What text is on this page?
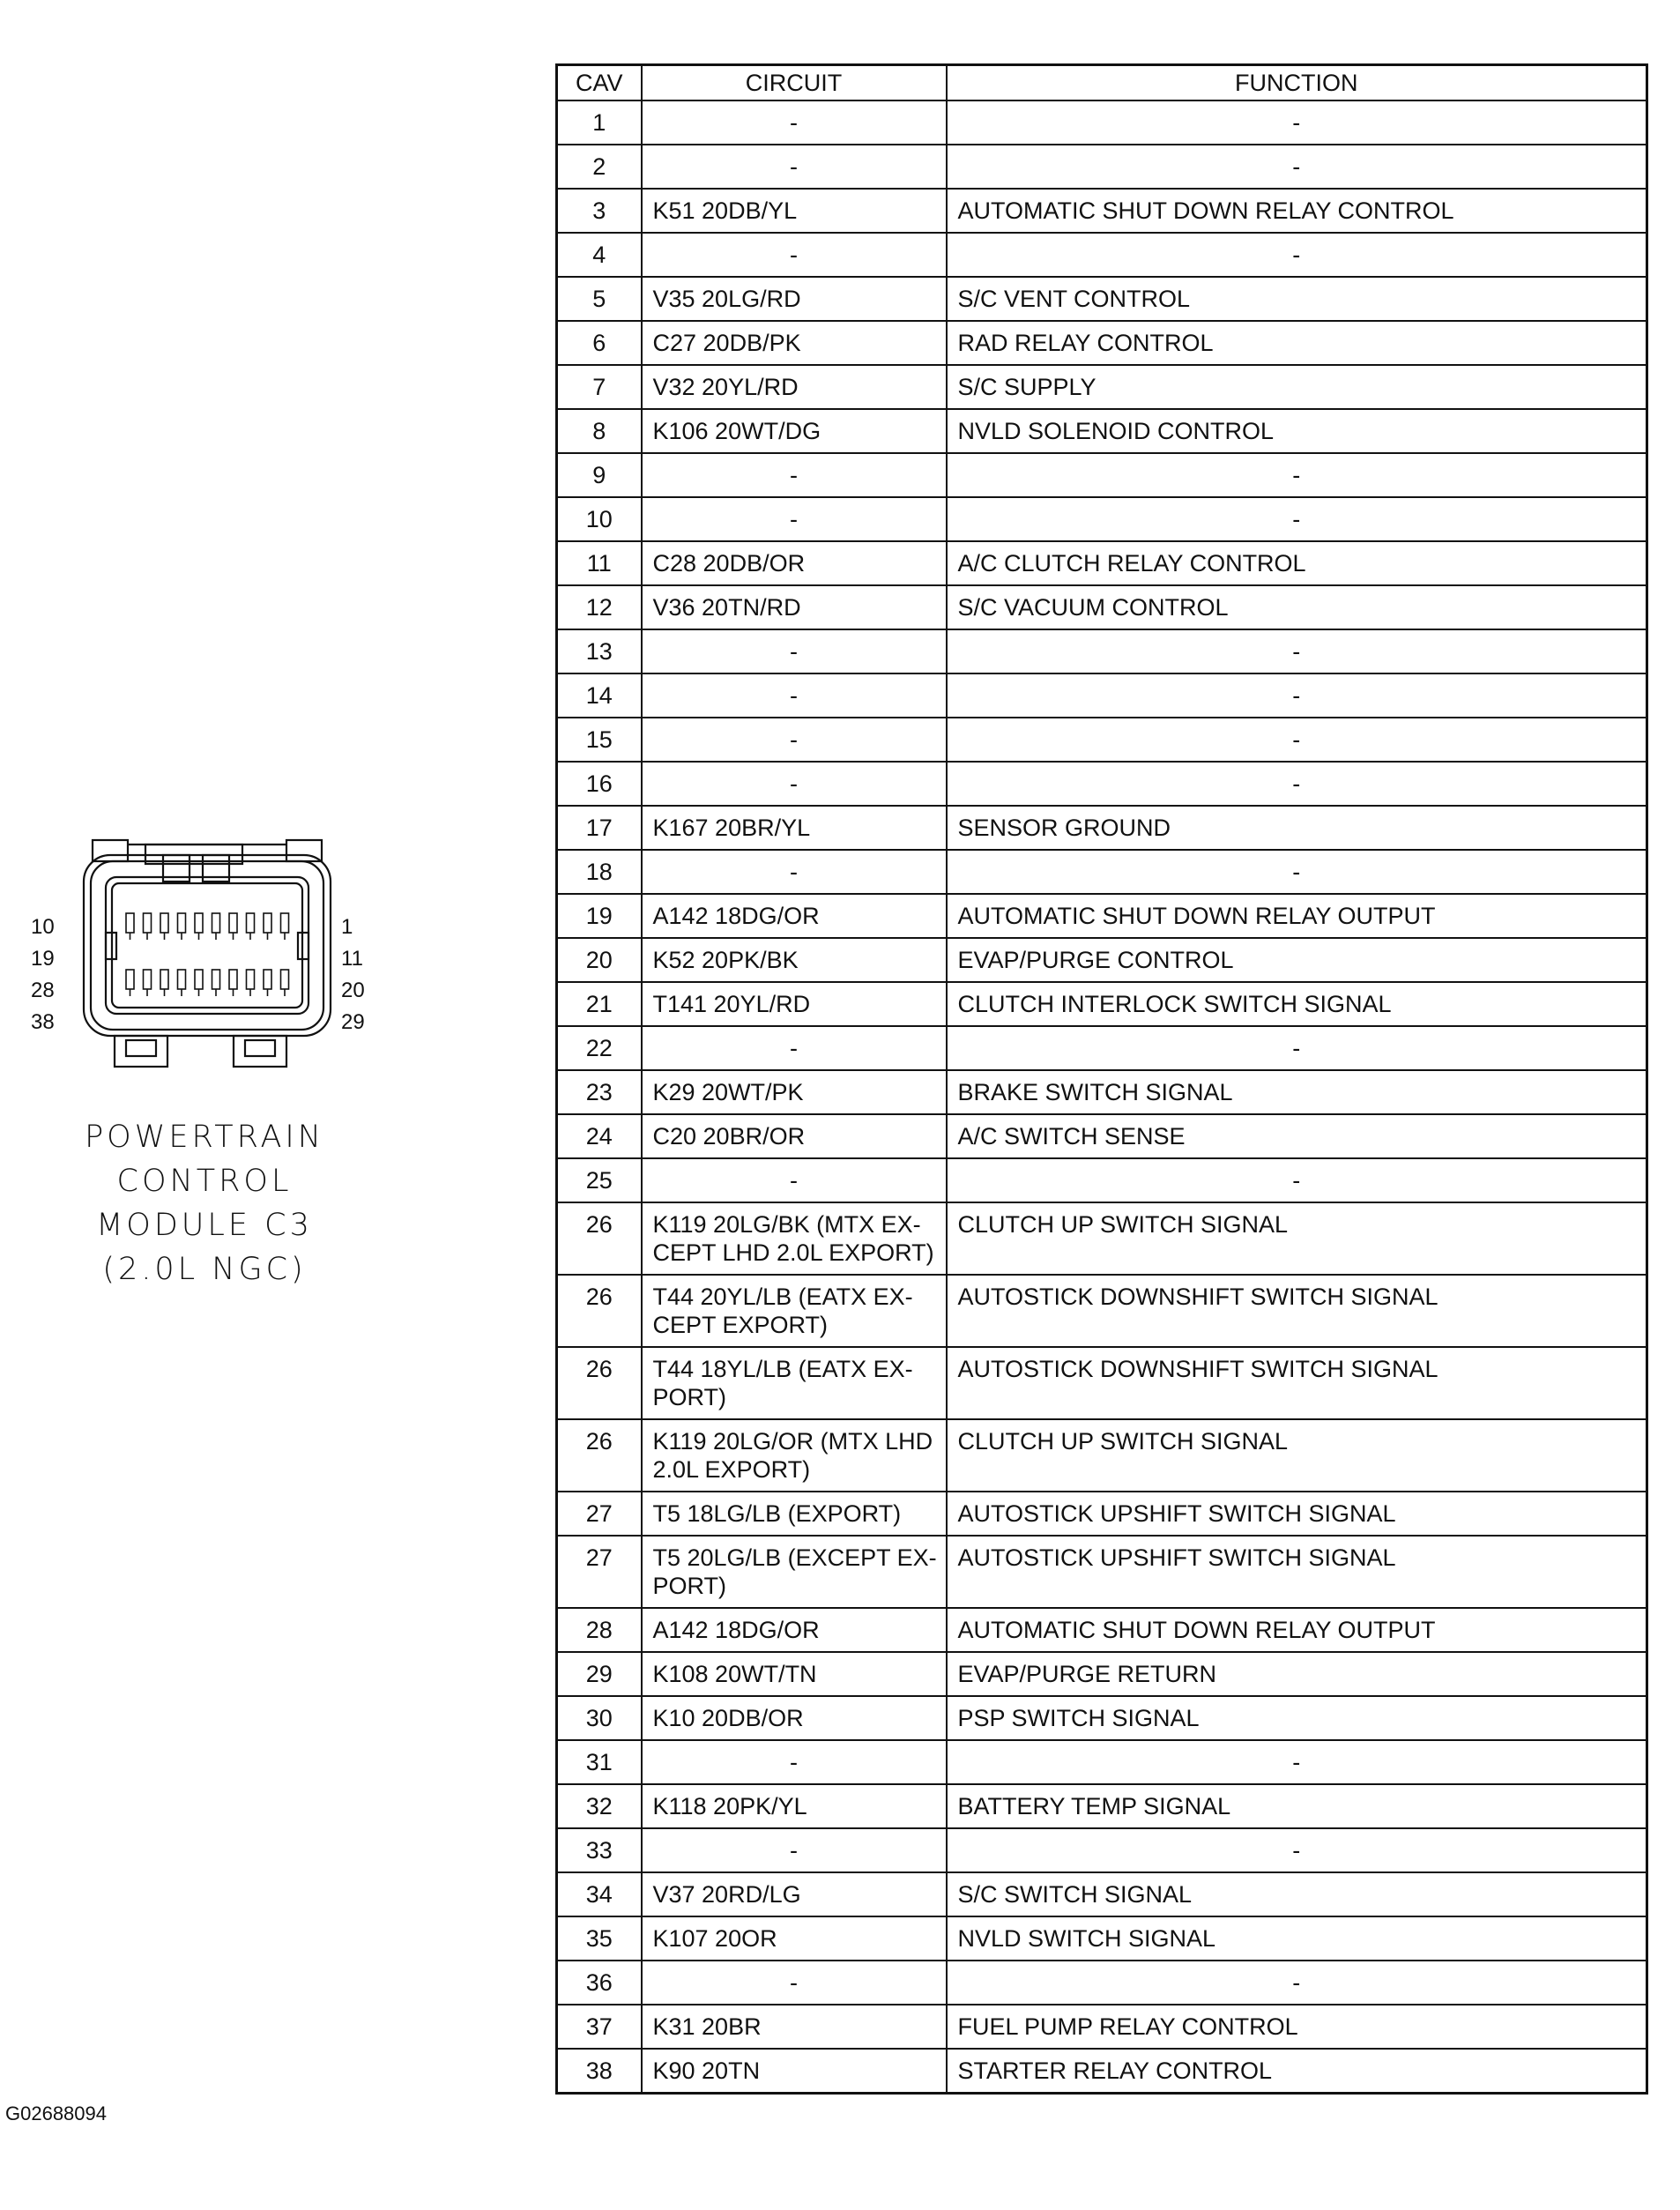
10
19
28
38
1
11
20
29
POWERTRAIN
CONTROL
MODULE C3
(2.0L NGC)
G02688094
CAV	CIRCUIT	FUNCTION
1	-	-
2	-	-
3	K51 20DB/YL	AUTOMATIC SHUT DOWN RELAY CONTROL
4	-	-
5	V35 20LG/RD	S/C VENT CONTROL
6	C27 20DB/PK	RAD RELAY CONTROL
7	V32 20YL/RD	S/C SUPPLY
8	K106 20WT/DG	NVLD SOLENOID CONTROL
9	-	-
10	-	-
11	C28 20DB/OR	A/C CLUTCH RELAY CONTROL
12	V36 20TN/RD	S/C VACUUM CONTROL
13	-	-
14	-	-
15	-	-
16	-	-
17	K167 20BR/YL	SENSOR GROUND
18	-	-
19	A142 18DG/OR	AUTOMATIC SHUT DOWN RELAY OUTPUT
20	K52 20PK/BK	EVAP/PURGE CONTROL
21	T141 20YL/RD	CLUTCH INTERLOCK SWITCH SIGNAL
22	-	-
23	K29 20WT/PK	BRAKE SWITCH SIGNAL
24	C20 20BR/OR	A/C SWITCH SENSE
25	-	-
26	K119 20LG/BK (MTX EX-
CEPT LHD 2.0L EXPORT)	CLUTCH UP SWITCH SIGNAL
26	T44 20YL/LB (EATX EX-
CEPT EXPORT)	AUTOSTICK DOWNSHIFT SWITCH SIGNAL
26	T44 18YL/LB (EATX EX-
PORT)	AUTOSTICK DOWNSHIFT SWITCH SIGNAL
26	K119 20LG/OR (MTX LHD
2.0L EXPORT)	CLUTCH UP SWITCH SIGNAL
27	T5 18LG/LB (EXPORT)	AUTOSTICK UPSHIFT SWITCH SIGNAL
27	T5 20LG/LB (EXCEPT EX-
PORT)	AUTOSTICK UPSHIFT SWITCH SIGNAL
28	A142 18DG/OR	AUTOMATIC SHUT DOWN RELAY OUTPUT
29	K108 20WT/TN	EVAP/PURGE RETURN
30	K10 20DB/OR	PSP SWITCH SIGNAL
31	-	-
32	K118 20PK/YL	BATTERY TEMP SIGNAL
33	-	-
34	V37 20RD/LG	S/C SWITCH SIGNAL
35	K107 20OR	NVLD SWITCH SIGNAL
36	-	-
37	K31 20BR	FUEL PUMP RELAY CONTROL
38	K90 20TN	STARTER RELAY CONTROL
